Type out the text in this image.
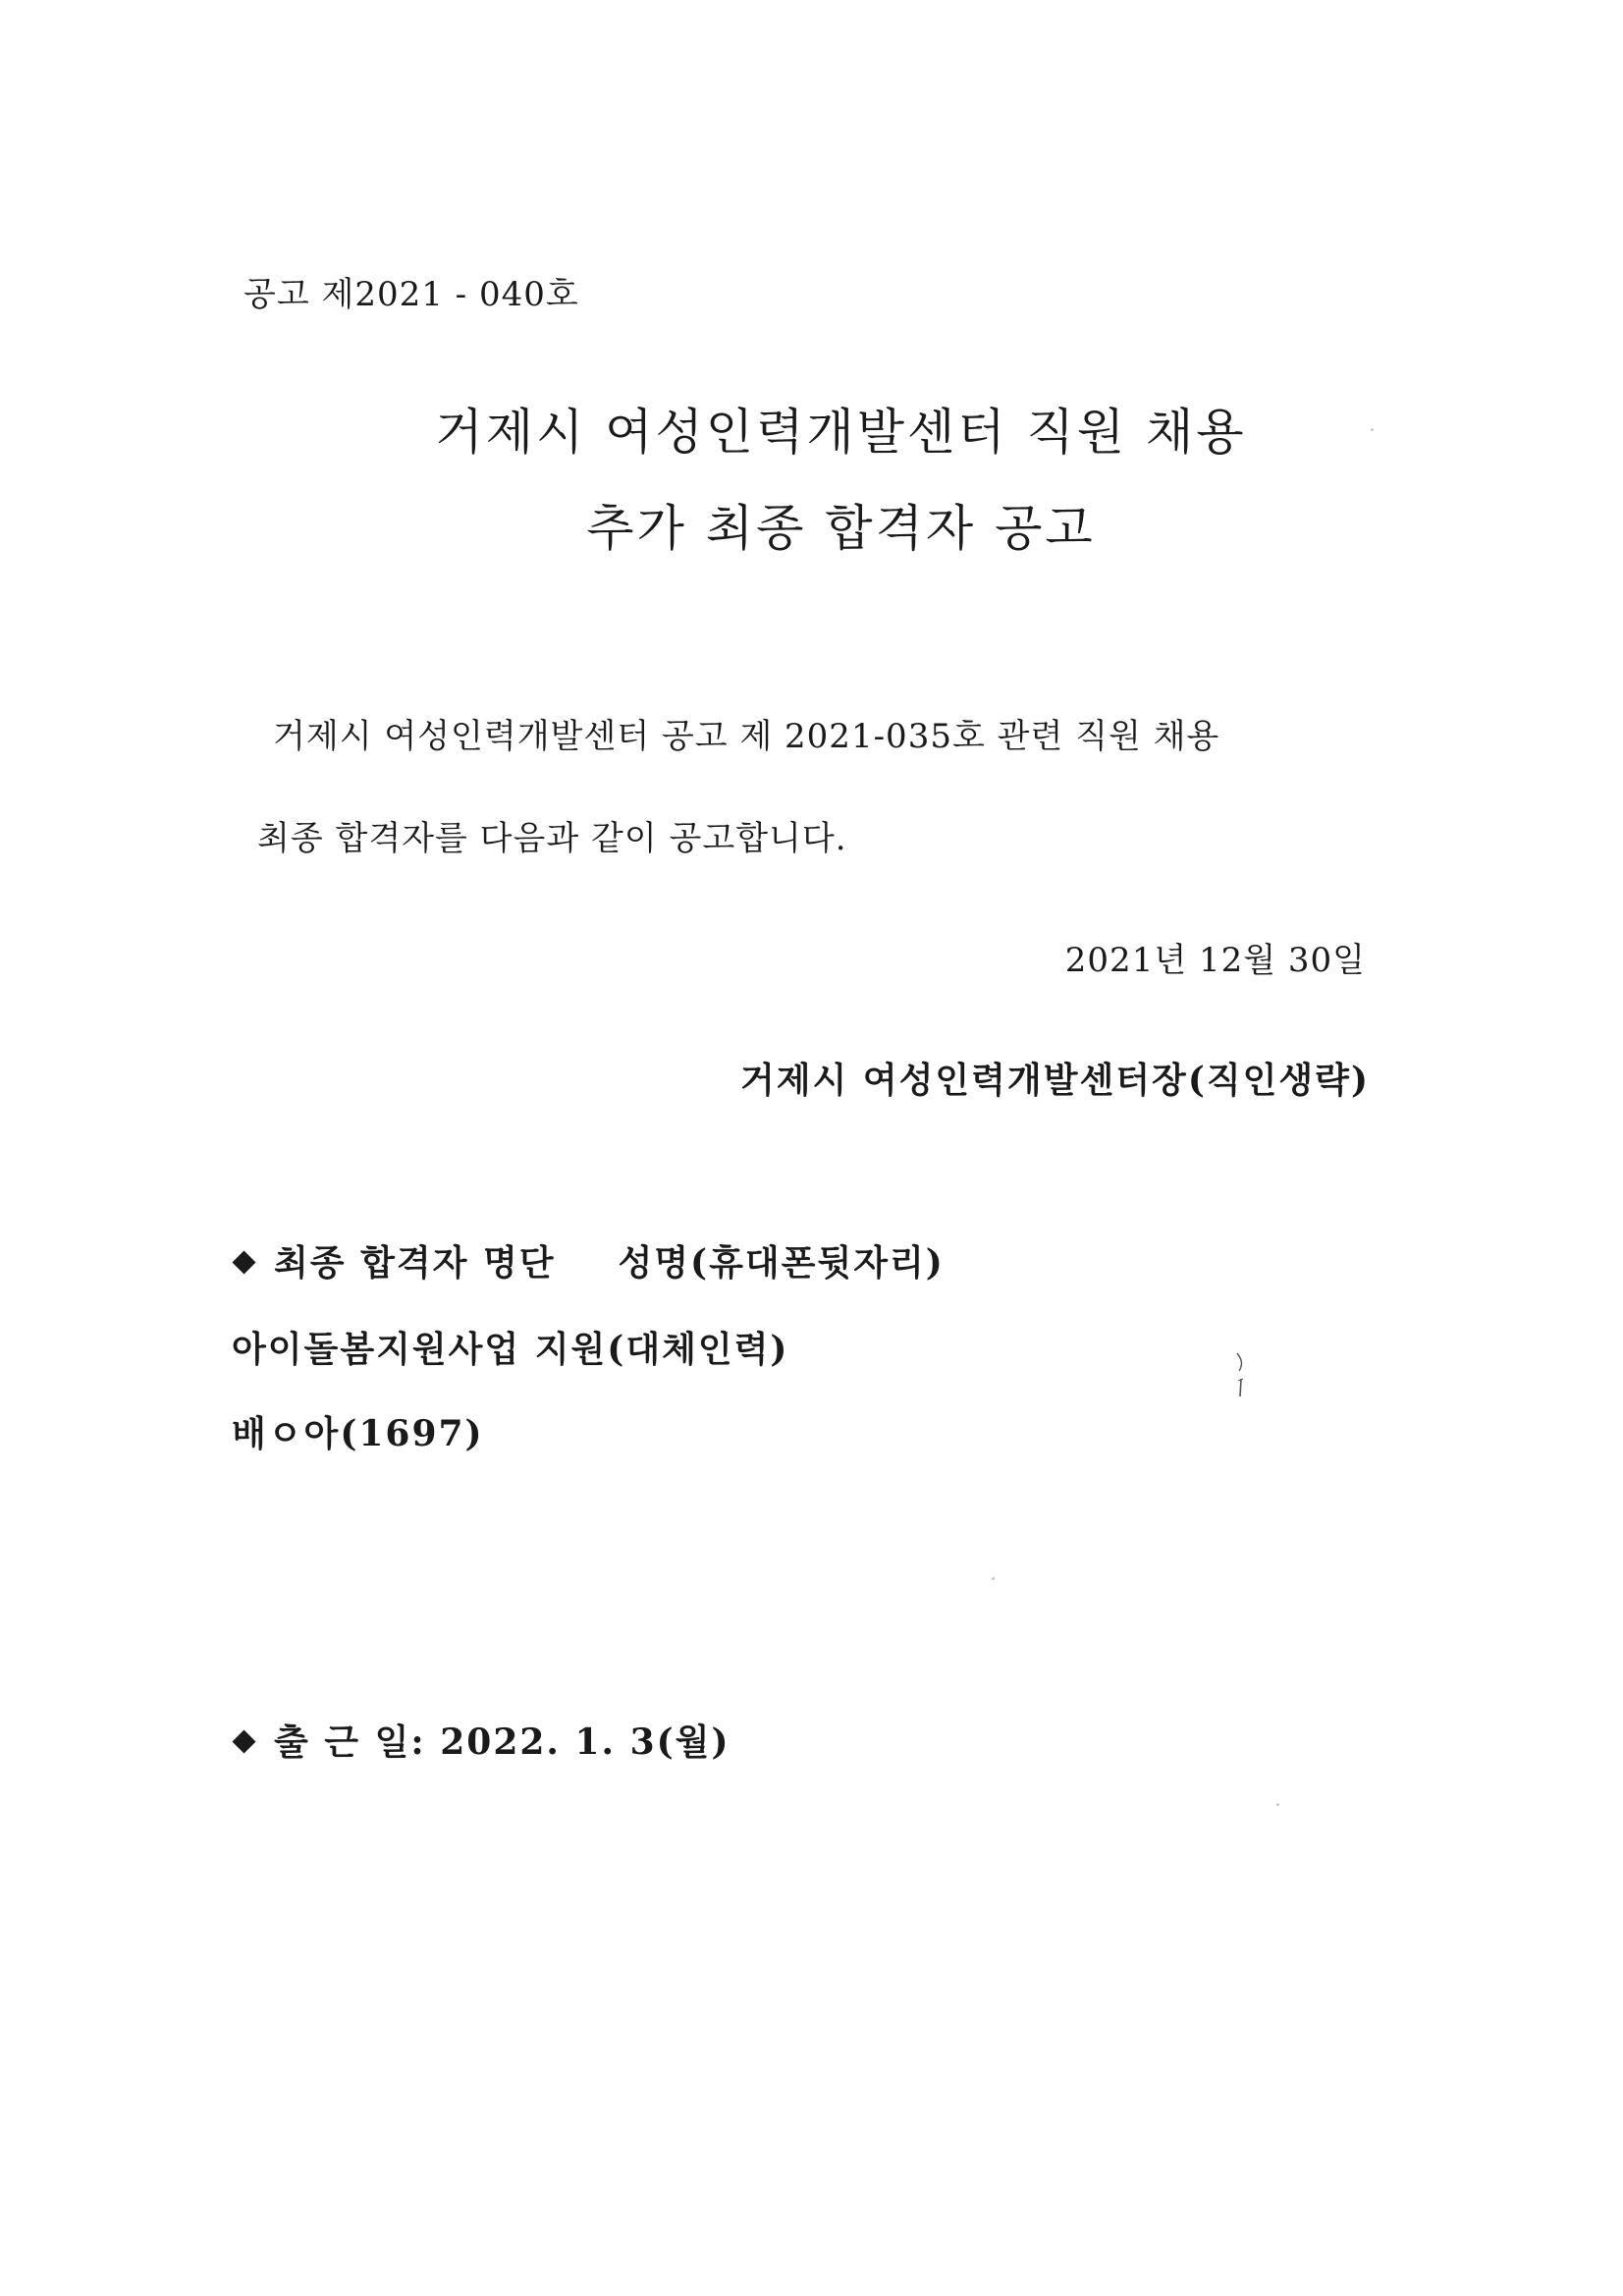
공고 제2021 - 040호
거제시 여성인력개발센터 직원 채용
추가 최종 합격자 공고
거제시 여성인력개발센터 공고 제 2021-035호 관련 직원 채용
최종 합격자를 다음과 같이 공고합니다.
2021년 12월 30일
거제시 여성인력개발센터장(직인생략)
최종 합격자 명단 성명(휴대폰뒷자리)
아이돌봄지원사업 지원(대체인력)
배ㅇ아(1697)
출 근 일: 2022. 1. 3(월)
